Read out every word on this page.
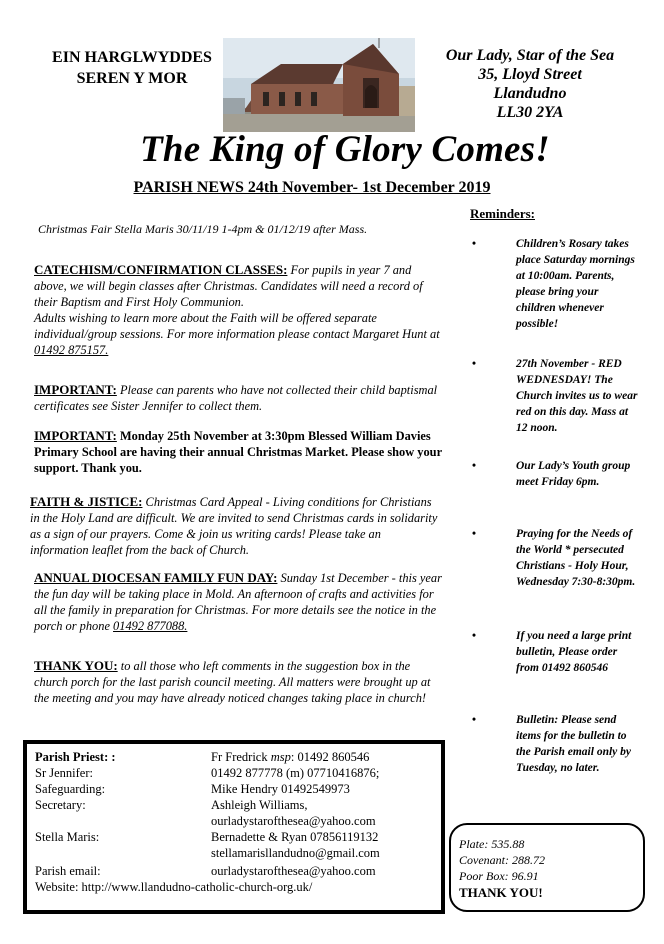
EIN HARGLWYDDES
SEREN Y MOR
Our Lady, Star of the Sea
35, Lloyd Street
Llandudno
LL30 2YA
The King of Glory Comes!
PARISH NEWS 24th November- 1st December 2019
Christmas Fair Stella Maris 30/11/19 1-4pm & 01/12/19 after Mass.

CATECHISM/CONFIRMATION CLASSES: For pupils in year 7 and above, we will begin classes after Christmas. Candidates will need a record of their Baptism and First Holy Communion.

Adults wishing to learn more about the Faith will be offered separate individual/group sessions. For more information please contact Margaret Hunt at 01492 875157.

IMPORTANT: Please can parents who have not collected their child baptismal certificates see Sister Jennifer to collect them.

IMPORTANT: Monday 25th November at 3:30pm Blessed William Davies Primary School are having their annual Christmas Market. Please show your support. Thank you.

FAITH & JISTICE: Christmas Card Appeal - Living conditions for Christians in the Holy Land are difficult. We are invited to send Christmas cards in solidarity as a sign of our prayers. Come & join us writing cards! Please take an information leaflet from the back of Church.

ANNUAL DIOCESAN FAMILY FUN DAY: Sunday 1st December - this year the fun day will be taking place in Mold. An afternoon of crafts and activities for all the family in preparation for Christmas. For more details see the notice in the porch or phone 01492 877088.

THANK YOU: to all those who left comments in the suggestion box in the church porch for the last parish council meeting. All matters were brought up at the meeting and you may have already noticed changes taking place in church!

Reminders:
•	Children’s Rosary takes place Saturday mornings at 10:00am. Parents, please bring your children whenever possible!
•	27th November - RED WEDNESDAY! The Church invites us to wear red on this day. Mass at 12 noon.
•	Our Lady’s Youth group meet Friday 6pm.
•	Praying for the Needs of the World * persecuted Christians - Holy Hour, Wednesday 7:30-8:30pm.
•	If you need a large print bulletin, Please order from 01492 860546
•	Bulletin: Please send items for the bulletin to the Parish email only by Tuesday, no later.
Parish Priest: :	Fr Fredrick msp: 01492 860546
Sr Jennifer:	01492 877778 (m) 07710416876;
Safeguarding:	Mike Hendry 01492549973
Secretary:	Ashleigh Williams,
ourladystarofthesea@yahoo.com
Stella Maris:	Bernadette & Ryan 07856119132
stellamarisllandudno@gmail.com
Parish email:	ourladystarofthesea@yahoo.com
Website: http://www.llandudno-catholic-church-org.uk/
Plate: 535.88
Covenant: 288.72
Poor Box: 96.91
THANK YOU!
